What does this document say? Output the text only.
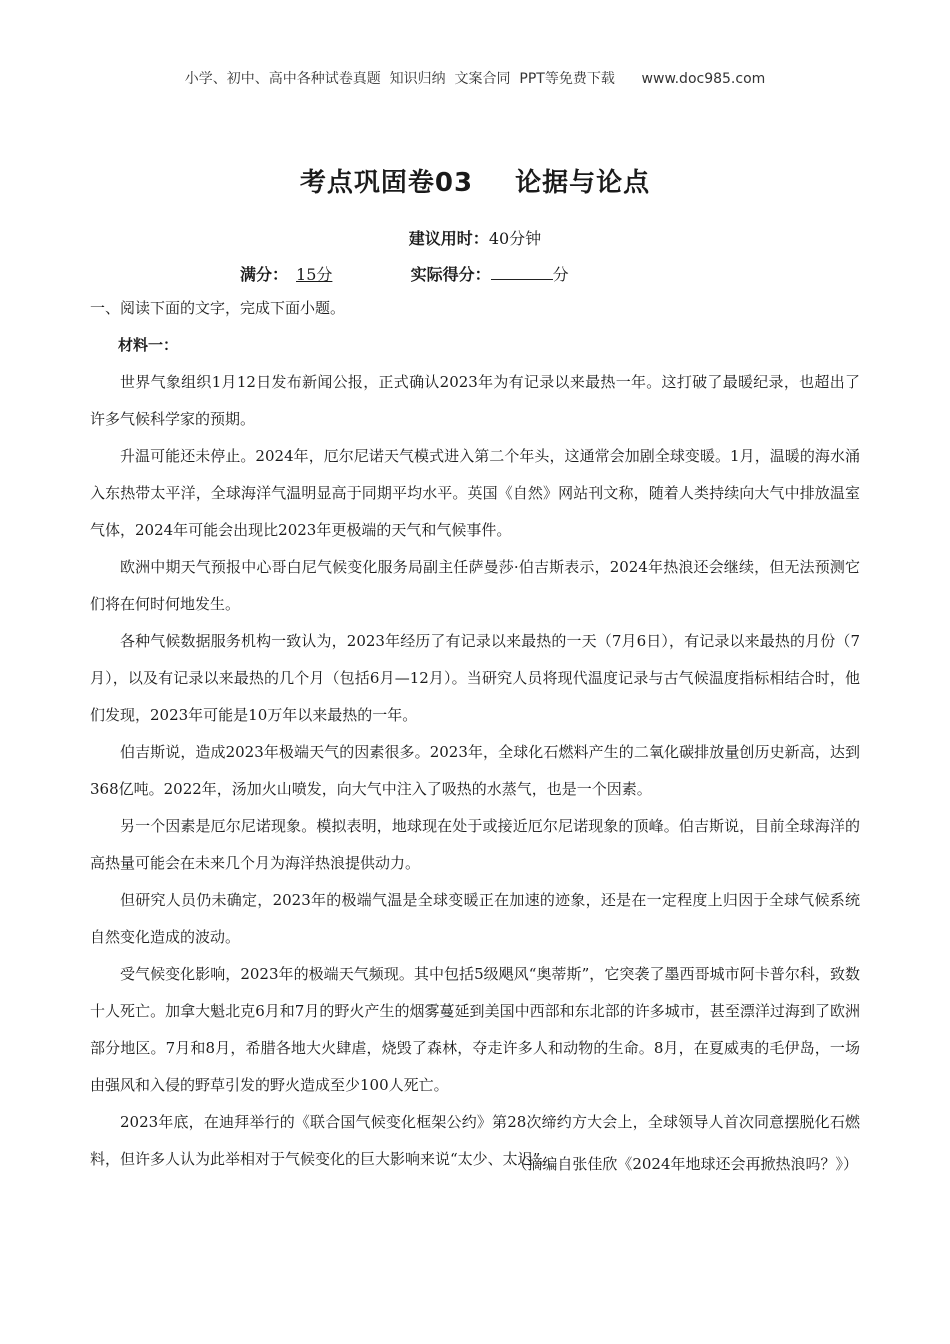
小学、初中、高中各种试卷真题  知识归纳  文案合同  PPT等免费下载      www.doc985.com
考点巩固卷03 论据与论点
建议用时：40分钟
满分： 15分	实际得分：	分
一、阅读下面的文字，完成下面小题。
材料一：

世界气象组织1月12日发布新闻公报，正式确认2023年为有记录以来最热一年。这打破了最暖纪录，也超出了许多气候科学家的预期。

升温可能还未停止。2024年，厄尔尼诺天气模式进入第二个年头，这通常会加剧全球变暖。1月，温暖的海水涌入东热带太平洋，全球海洋气温明显高于同期平均水平。英国《自然》网站刊文称，随着人类持续向大气中排放温室气体，2024年可能会出现比2023年更极端的天气和气候事件。

欧洲中期天气预报中心哥白尼气候变化服务局副主任萨曼莎·伯吉斯表示，2024年热浪还会继续，但无法预测它们将在何时何地发生。

各种气候数据服务机构一致认为，2023年经历了有记录以来最热的一天（7月6日），有记录以来最热的月份（7月），以及有记录以来最热的几个月（包括6月—12月）。当研究人员将现代温度记录与古气候温度指标相结合时，他们发现，2023年可能是10万年以来最热的一年。

伯吉斯说，造成2023年极端天气的因素很多。2023年，全球化石燃料产生的二氧化碳排放量创历史新高，达到368亿吨。2022年，汤加火山喷发，向大气中注入了吸热的水蒸气，也是一个因素。

另一个因素是厄尔尼诺现象。模拟表明，地球现在处于或接近厄尔尼诺现象的顶峰。伯吉斯说，目前全球海洋的高热量可能会在未来几个月为海洋热浪提供动力。

但研究人员仍未确定，2023年的极端气温是全球变暖正在加速的迹象，还是在一定程度上归因于全球气候系统自然变化造成的波动。

受气候变化影响，2023年的极端天气频现。其中包括5级飓风“奥蒂斯”，它突袭了墨西哥城市阿卡普尔科，致数十人死亡。加拿大魁北克6月和7月的野火产生的烟雾蔓延到美国中西部和东北部的许多城市，甚至漂洋过海到了欧洲部分地区。7月和8月，希腊各地大火肆虐，烧毁了森林，夺走许多人和动物的生命。8月，在夏威夷的毛伊岛，一场由强风和入侵的野草引发的野火造成至少100人死亡。

2023年底，在迪拜举行的《联合国气候变化框架公约》第28次缔约方大会上，全球领导人首次同意摆脱化石燃料，但许多人认为此举相对于气候变化的巨大影响来说“太少、太迟”。

（摘编自张佳欣《2024年地球还会再掀热浪吗？》）
